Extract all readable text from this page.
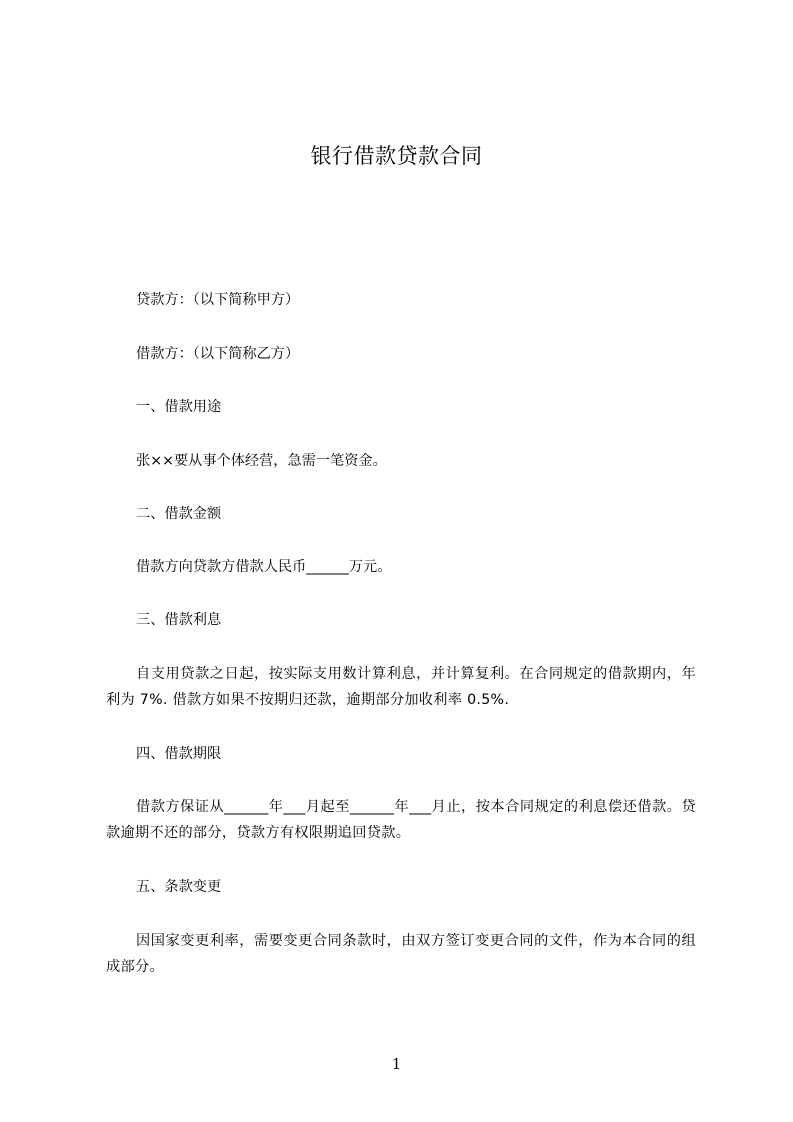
银行借款贷款合同
贷款方：（以下简称甲方）
借款方：（以下简称乙方）
一、借款用途
张××要从事个体经营，急需一笔资金。
二、借款金额
借款方向贷款方借款人民币______万元。
三、借款利息
自支用贷款之日起，按实际支用数计算利息，并计算复利。在合同规定的借款期内，年利为 7%. 借款方如果不按期归还款，逾期部分加收利率 0.5%.
四、借款期限
借款方保证从______年___月起至______年___月止，按本合同规定的利息偿还借款。贷款逾期不还的部分，贷款方有权限期追回贷款。
五、条款变更
因国家变更利率，需要变更合同条款时，由双方签订变更合同的文件，作为本合同的组成部分。
1
